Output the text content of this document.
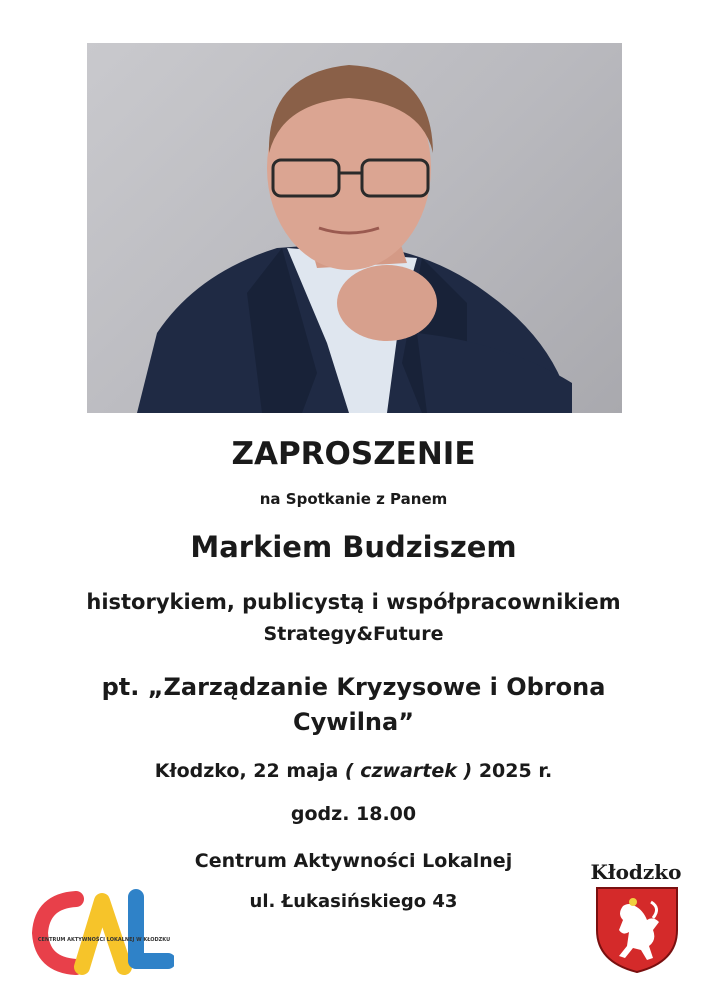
ZAPROSZENIE

na Spotkanie z Panem

Markiem Budziszem

historykiem, publicystą i współpracownikiem

Strategy&Future

pt. „Zarządzanie Kryzysowe i Obrona

Cywilna”

Kłodzko, 22 maja ( czwartek ) 2025 r.

godz. 18.00

Centrum Aktywności Lokalnej

ul. Łukasińskiego 43

CENTRUM AKTYWNOŚCI LOKALNEJ W KŁODZKU
Kłodzko
